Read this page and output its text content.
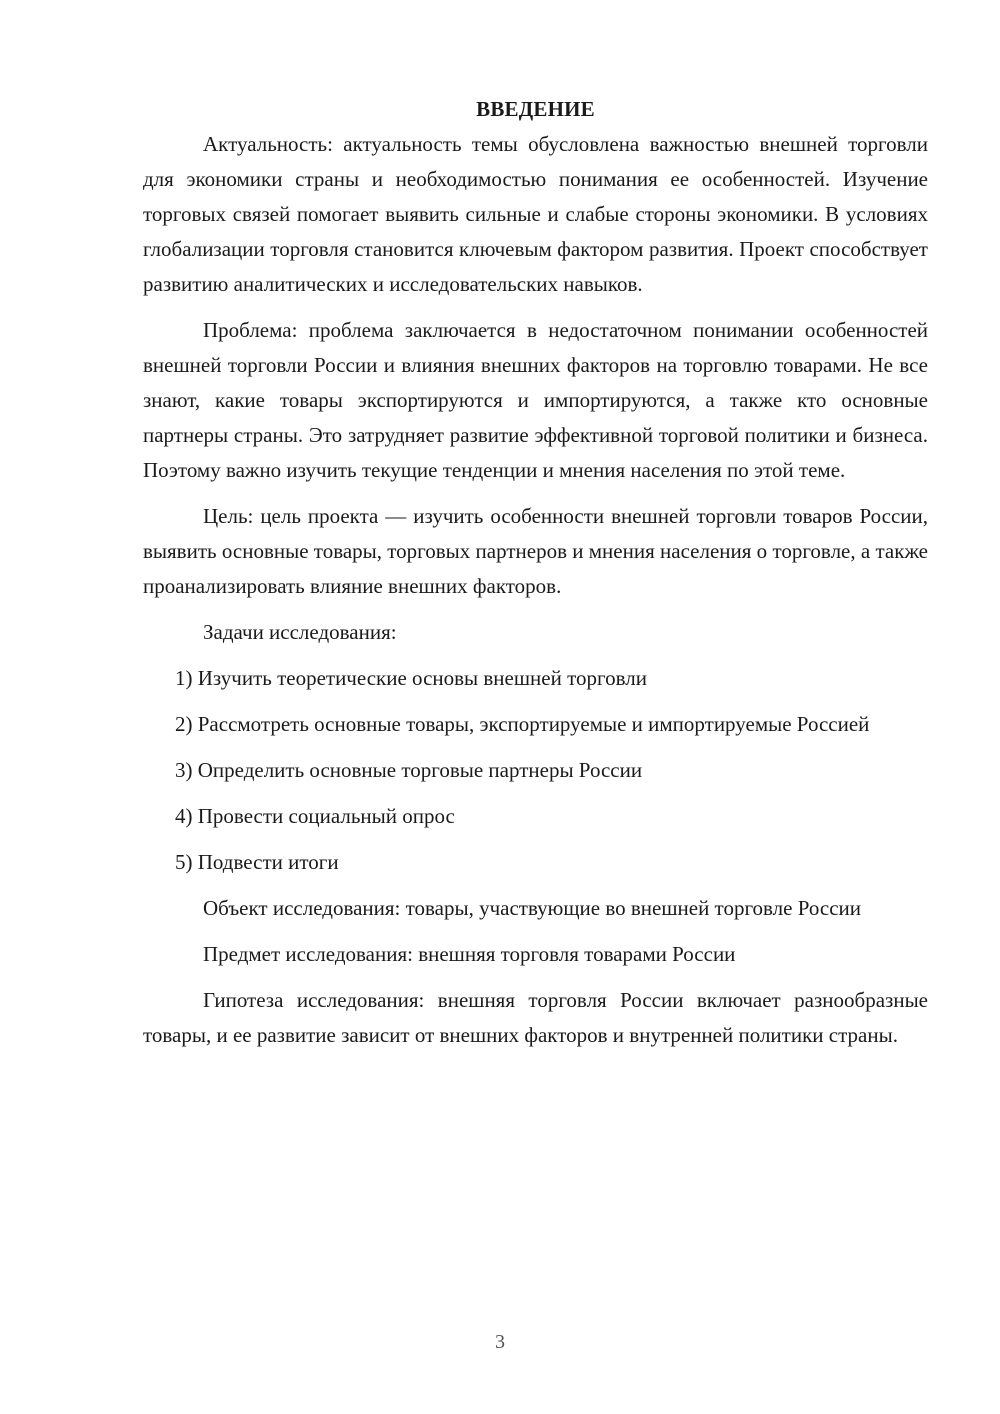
ВВЕДЕНИЕ

Актуальность: актуальность темы обусловлена важностью внешней торговли для экономики страны и необходимостью понимания ее особенностей. Изучение торговых связей помогает выявить сильные и слабые стороны экономики. В условиях глобализации торговля становится ключевым фактором развития. Проект способствует развитию аналитических и исследовательских навыков.

Проблема: проблема заключается в недостаточном понимании особенностей внешней торговли России и влияния внешних факторов на торговлю товарами. Не все знают, какие товары экспортируются и импортируются, а также кто основные партнеры страны. Это затрудняет развитие эффективной торговой политики и бизнеса. Поэтому важно изучить текущие тенденции и мнения населения по этой теме.

Цель: цель проекта — изучить особенности внешней торговли товаров России, выявить основные товары, торговых партнеров и мнения населения о торговле, а также проанализировать влияние внешних факторов.

Задачи исследования:

1) Изучить теоретические основы внешней торговли

2) Рассмотреть основные товары, экспортируемые и импортируемые Россией

3) Определить основные торговые партнеры России

4) Провести социальный опрос

5) Подвести итоги

Объект исследования: товары, участвующие во внешней торговле России

Предмет исследования: внешняя торговля товарами России

Гипотеза исследования: внешняя торговля России включает разнообразные товары, и ее развитие зависит от внешних факторов и внутренней политики страны.

3
